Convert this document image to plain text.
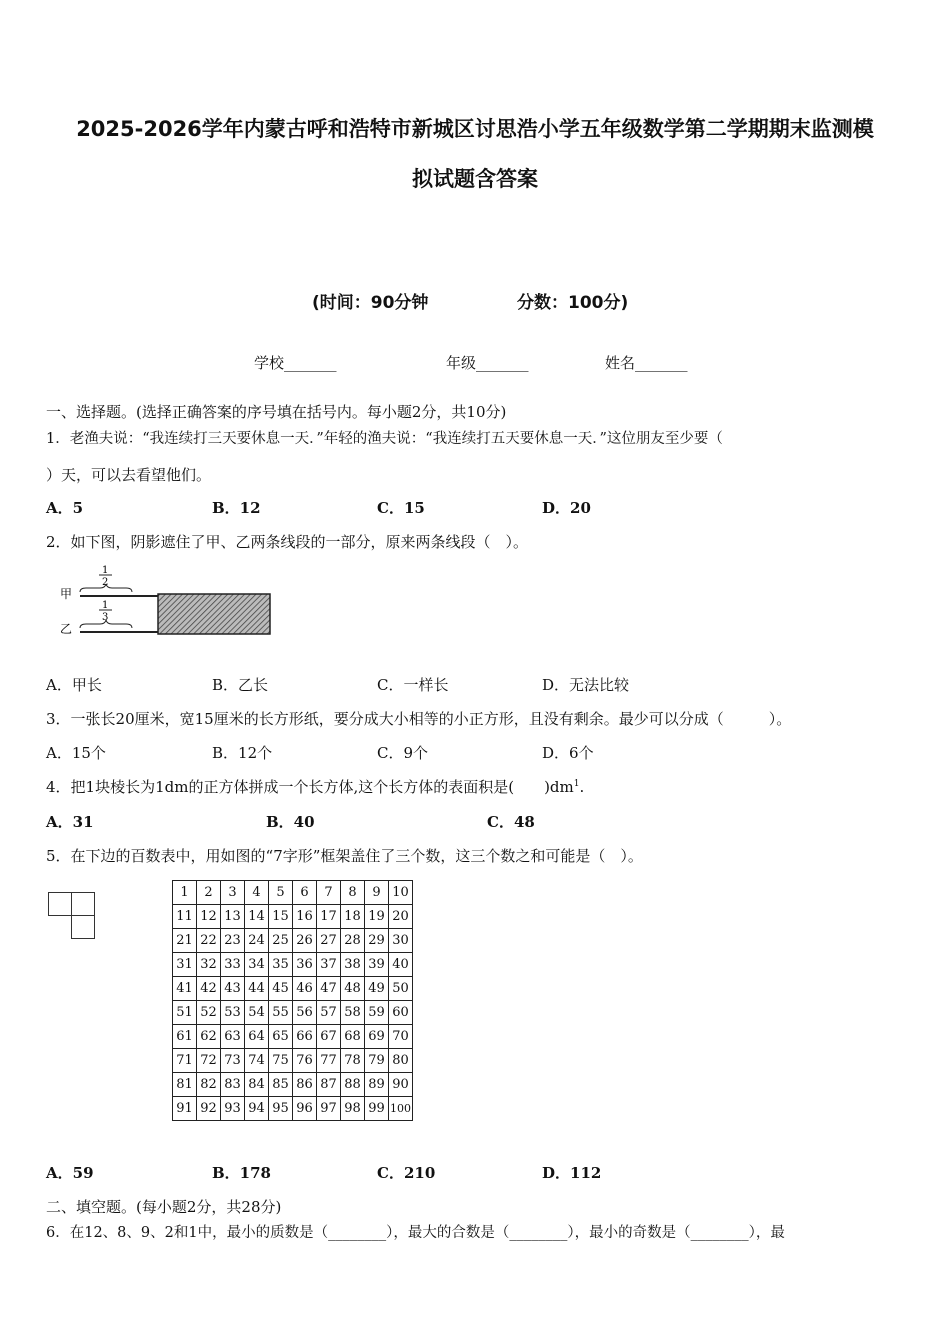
2025-2026学年内蒙古呼和浩特市新城区讨思浩小学五年级数学第二学期期末监测模
拟试题含答案
(时间：90分钟	分数：100分)
学校_______	年级_______	姓名_______
一、选择题。(选择正确答案的序号填在括号内。每小题2分，共10分)
1．老渔夫说：“我连续打三天要休息一天．”年轻的渔夫说：“我连续打五天要休息一天．”这位朋友至少要（
）天，可以去看望他们。
A．5	B．12	C．15	D．20
2．如下图，阴影遮住了甲、乙两条线段的一部分，原来两条线段（　）。
甲
乙
1
2
1
3
A．甲长	B．乙长	C．一样长	D．无法比较
3．一张长20厘米，宽15厘米的长方形纸，要分成大小相等的小正方形，且没有剩余。最少可以分成（　　　）。
A．15个	B．12个	C．9个	D．6个
4．把1块棱长为1dm的正方体拼成一个长方体,这个长方体的表面积是(　　)$dm^1$.
A．31	B．40	C．48
5．在下边的百数表中，用如图的“7字形”框架盖住了三个数，这三个数之和可能是（　）。
1	2	3	4	5	6	7	8	9	10
11	12	13	14	15	16	17	18	19	20
21	22	23	24	25	26	27	28	29	30
31	32	33	34	35	36	37	38	39	40
41	42	43	44	45	46	47	48	49	50
51	52	53	54	55	56	57	58	59	60
61	62	63	64	65	66	67	68	69	70
71	72	73	74	75	76	77	78	79	80
81	82	83	84	85	86	87	88	89	90
91	92	93	94	95	96	97	98	99	100
A．59	B．178	C．210	D．112
二、填空题。(每小题2分，共28分)
6．在12、8、9、2和1中，最小的质数是（________），最大的合数是（________），最小的奇数是（________），最
